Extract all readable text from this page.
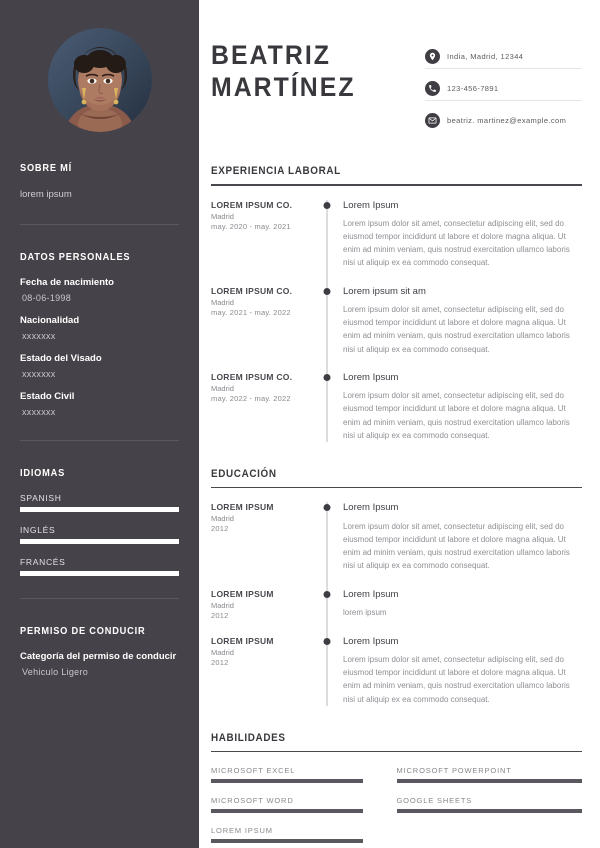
SOBRE MÍ

lorem ipsum

DATOS PERSONALES

Fecha de nacimiento

08-06-1998

Nacionalidad

xxxxxxx

Estado del Visado

xxxxxxx

Estado Civil

xxxxxxx

IDIOMAS

SPANISH

INGLÉS

FRANCÉS

PERMISO DE CONDUCIR

Categoría del permiso de conducir

Vehiculo Ligero

BEATRIZ
MARTÍNEZ
India, Madrid, 12344
123-456-7891
beatriz. martinez@example.com
EXPERIENCIA LABORAL

LOREM IPSUM CO.

Madrid

may. 2020 - may. 2021

Lorem Ipsum

Lorem ipsum dolor sit amet, consectetur adipiscing elit, sed do eiusmod tempor incididunt ut labore et dolore magna aliqua. Ut enim ad minim veniam, quis nostrud exercitation ullamco laboris nisi ut aliquip ex ea commodo consequat.

LOREM IPSUM CO.

Madrid

may. 2021 - may. 2022

Lorem ipsum sit am

Lorem ipsum dolor sit amet, consectetur adipiscing elit, sed do eiusmod tempor incididunt ut labore et dolore magna aliqua. Ut enim ad minim veniam, quis nostrud exercitation ullamco laboris nisi ut aliquip ex ea commodo consequat.

LOREM IPSUM CO.

Madrid

may. 2022 - may. 2022

Lorem Ipsum

Lorem ipsum dolor sit amet, consectetur adipiscing elit, sed do eiusmod tempor incididunt ut labore et dolore magna aliqua. Ut enim ad minim veniam, quis nostrud exercitation ullamco laboris nisi ut aliquip ex ea commodo consequat.

EDUCACIÓN

LOREM IPSUM

Madrid

2012

Lorem Ipsum

Lorem ipsum dolor sit amet, consectetur adipiscing elit, sed do eiusmod tempor incididunt ut labore et dolore magna aliqua. Ut enim ad minim veniam, quis nostrud exercitation ullamco laboris nisi ut aliquip ex ea commodo consequat.

LOREM IPSUM

Madrid

2012

Lorem Ipsum

lorem ipsum

LOREM IPSUM

Madrid

2012

Lorem Ipsum

Lorem ipsum dolor sit amet, consectetur adipiscing elit, sed do eiusmod tempor incididunt ut labore et dolore magna aliqua. Ut enim ad minim veniam, quis nostrud exercitation ullamco laboris nisi ut aliquip ex ea commodo consequat.

HABILIDADES

MICROSOFT EXCEL	MICROSOFT POWERPOINT

MICROSOFT WORD	GOOGLE SHEETS

LOREM IPSUM
